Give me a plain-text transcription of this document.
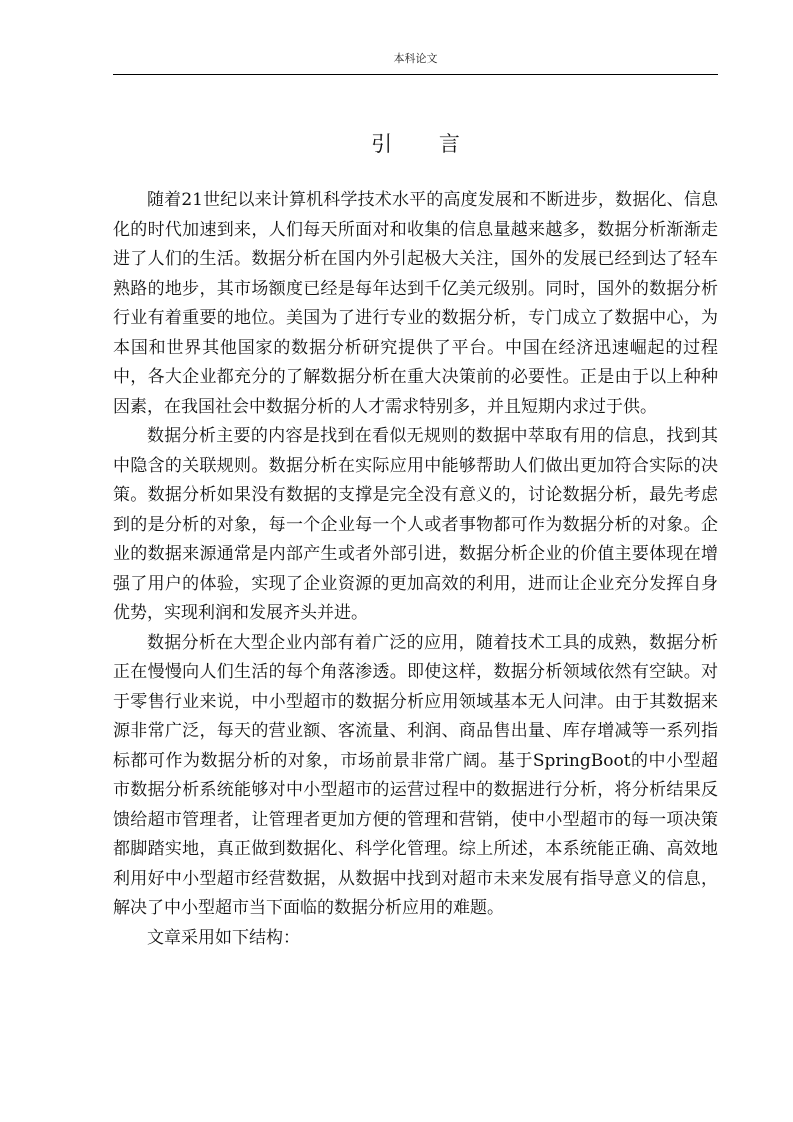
本科论文
引 言

随着21世纪以来计算机科学技术水平的高度发展和不断进步，数据化、信息化的时代加速到来，人们每天所面对和收集的信息量越来越多，数据分析渐渐走进了人们的生活。数据分析在国内外引起极大关注，国外的发展已经到达了轻车熟路的地步，其市场额度已经是每年达到千亿美元级别。同时，国外的数据分析行业有着重要的地位。美国为了进行专业的数据分析，专门成立了数据中心，为本国和世界其他国家的数据分析研究提供了平台。中国在经济迅速崛起的过程中，各大企业都充分的了解数据分析在重大决策前的必要性。正是由于以上种种因素，在我国社会中数据分析的人才需求特别多，并且短期内求过于供。

数据分析主要的内容是找到在看似无规则的数据中萃取有用的信息，找到其中隐含的关联规则。数据分析在实际应用中能够帮助人们做出更加符合实际的决策。数据分析如果没有数据的支撑是完全没有意义的，讨论数据分析，最先考虑到的是分析的对象，每一个企业每一个人或者事物都可作为数据分析的对象。企业的数据来源通常是内部产生或者外部引进，数据分析企业的价值主要体现在增强了用户的体验，实现了企业资源的更加高效的利用，进而让企业充分发挥自身优势，实现利润和发展齐头并进。

数据分析在大型企业内部有着广泛的应用，随着技术工具的成熟，数据分析正在慢慢向人们生活的每个角落渗透。即使这样，数据分析领域依然有空缺。对于零售行业来说，中小型超市的数据分析应用领域基本无人问津。由于其数据来源非常广泛，每天的营业额、客流量、利润、商品售出量、库存增减等一系列指标都可作为数据分析的对象，市场前景非常广阔。基于SpringBoot的中小型超市数据分析系统能够对中小型超市的运营过程中的数据进行分析，将分析结果反馈给超市管理者，让管理者更加方便的管理和营销，使中小型超市的每一项决策都脚踏实地，真正做到数据化、科学化管理。综上所述，本系统能正确、高效地利用好中小型超市经营数据，从数据中找到对超市未来发展有指导意义的信息，解决了中小型超市当下面临的数据分析应用的难题。

文章采用如下结构：
